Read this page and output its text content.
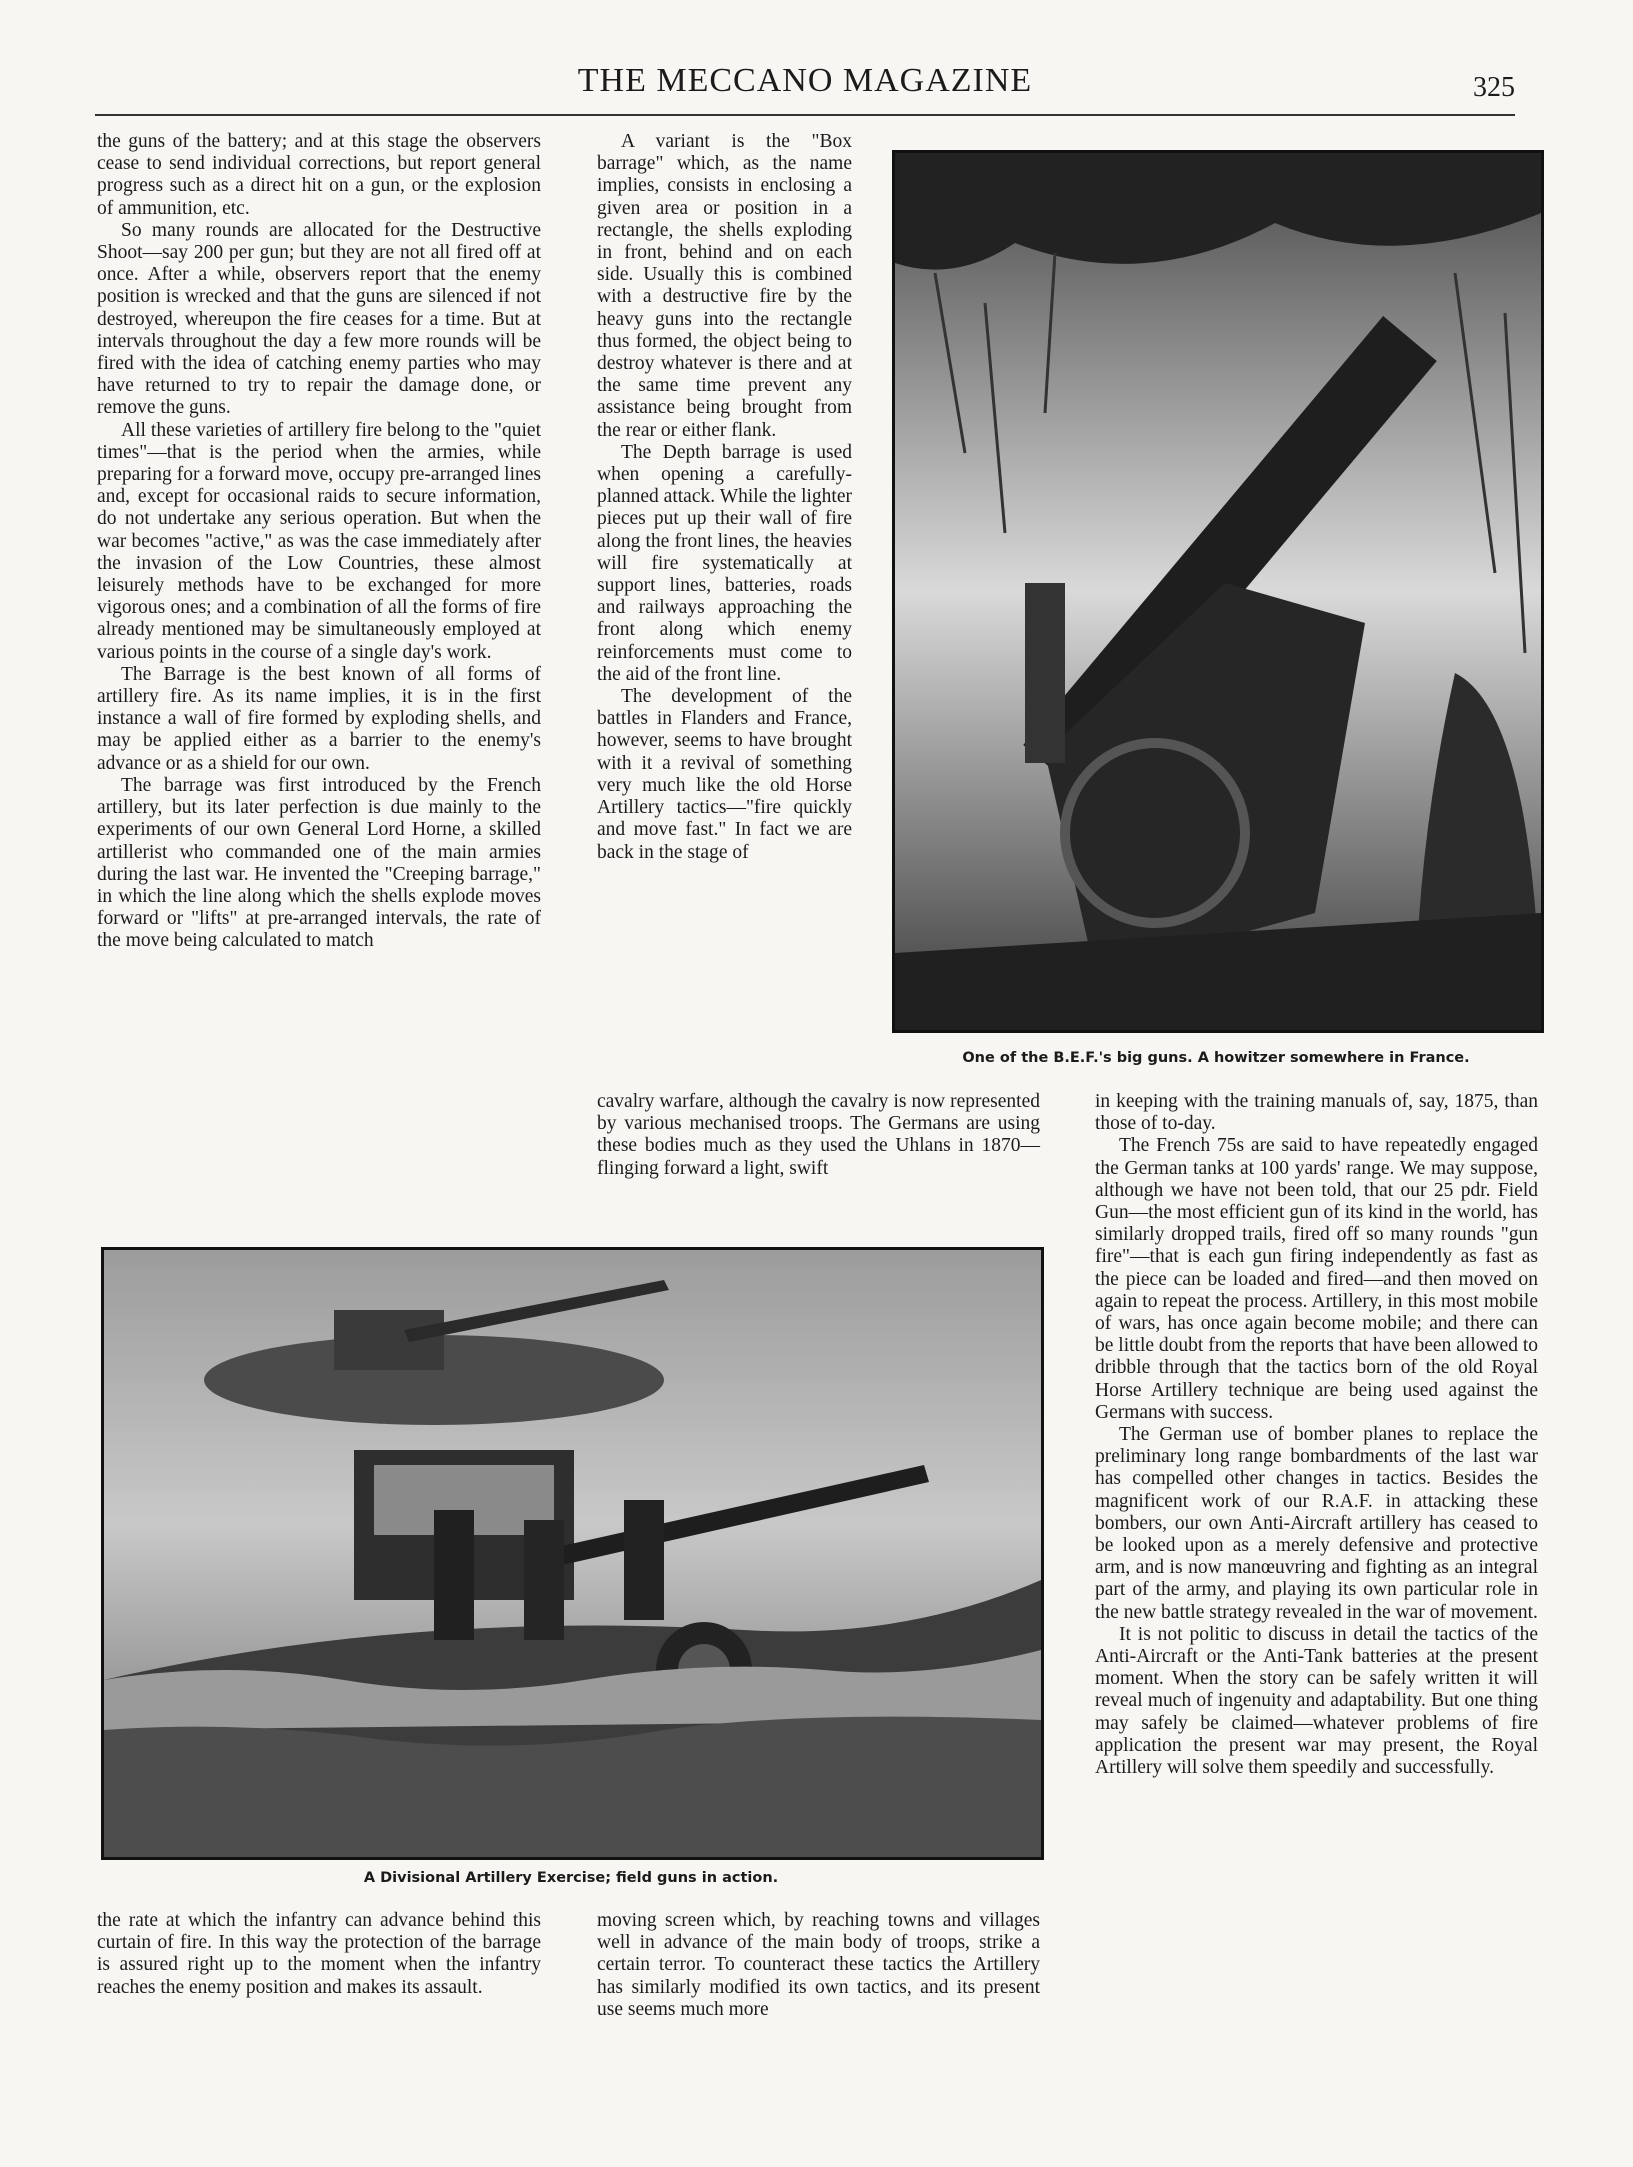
THE MECCANO MAGAZINE	325

the guns of the battery; and at this stage the observers cease to send individual corrections, but report general progress such as a direct hit on a gun, or the explosion of ammunition, etc.

So many rounds are allocated for the Destructive Shoot—say 200 per gun; but they are not all fired off at once. After a while, observers report that the enemy position is wrecked and that the guns are silenced if not destroyed, whereupon the fire ceases for a time. But at intervals throughout the day a few more rounds will be fired with the idea of catching enemy parties who may have returned to try to repair the damage done, or remove the guns.

All these varieties of artillery fire belong to the "quiet times"—that is the period when the armies, while preparing for a forward move, occupy pre-arranged lines and, except for occasional raids to secure information, do not undertake any serious operation. But when the war becomes "active," as was the case immediately after the invasion of the Low Countries, these almost leisurely methods have to be exchanged for more vigorous ones; and a combination of all the forms of fire already mentioned may be simultaneously employed at various points in the course of a single day's work.

The Barrage is the best known of all forms of artillery fire. As its name implies, it is in the first instance a wall of fire formed by exploding shells, and may be applied either as a barrier to the enemy's advance or as a shield for our own.

The barrage was first introduced by the French artillery, but its later perfection is due mainly to the experiments of our own General Lord Horne, a skilled artillerist who commanded one of the main armies during the last war. He invented the "Creeping barrage," in which the line along which the shells explode moves forward or "lifts" at pre-arranged intervals, the rate of the move being calculated to match

A variant is the "Box barrage" which, as the name implies, consists in enclosing a given area or position in a rectangle, the shells exploding in front, behind and on each side. Usually this is combined with a destructive fire by the heavy guns into the rectangle thus formed, the object being to destroy whatever is there and at the same time prevent any assistance being brought from the rear or either flank.

The Depth barrage is used when opening a carefully-planned attack. While the lighter pieces put up their wall of fire along the front lines, the heavies will fire systematically at support lines, batteries, roads and railways approaching the front along which enemy reinforcements must come to the aid of the front line.

The development of the battles in Flanders and France, however, seems to have brought with it a revival of something very much like the old Horse Artillery tactics—"fire quickly and move fast." In fact we are back in the stage of

cavalry warfare, although the cavalry is now represented by various mechanised troops. The Germans are using these bodies much as they used the Uhlans in 1870—flinging forward a light, swift

One of the B.E.F.'s big guns. A howitzer somewhere in France.

in keeping with the training manuals of, say, 1875, than those of to-day.

The French 75s are said to have repeatedly engaged the German tanks at 100 yards' range. We may suppose, although we have not been told, that our 25 pdr. Field Gun—the most efficient gun of its kind in the world, has similarly dropped trails, fired off so many rounds "gun fire"—that is each gun firing independently as fast as the piece can be loaded and fired—and then moved on again to repeat the process. Artillery, in this most mobile of wars, has once again become mobile; and there can be little doubt from the reports that have been allowed to dribble through that the tactics born of the old Royal Horse Artillery technique are being used against the Germans with success.

The German use of bomber planes to replace the preliminary long range bombardments of the last war has compelled other changes in tactics. Besides the magnificent work of our R.A.F. in attacking these bombers, our own Anti-Aircraft artillery has ceased to be looked upon as a merely defensive and protective arm, and is now manœuvring and fighting as an integral part of the army, and playing its own particular role in the new battle strategy revealed in the war of movement.

It is not politic to discuss in detail the tactics of the Anti-Aircraft or the Anti-Tank batteries at the present moment. When the story can be safely written it will reveal much of ingenuity and adaptability. But one thing may safely be claimed—whatever problems of fire application the present war may present, the Royal Artillery will solve them speedily and successfully.

A Divisional Artillery Exercise; field guns in action.

the rate at which the infantry can advance behind this curtain of fire. In this way the protection of the barrage is assured right up to the moment when the infantry reaches the enemy position and makes its assault.

moving screen which, by reaching towns and villages well in advance of the main body of troops, strike a certain terror. To counteract these tactics the Artillery has similarly modified its own tactics, and its present use seems much more
